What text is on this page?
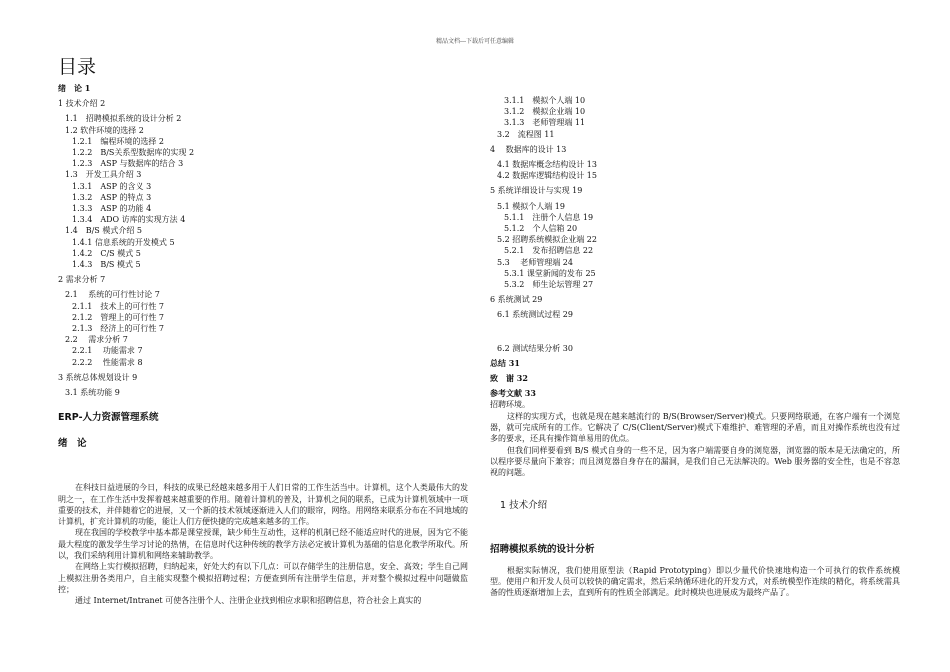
精品文档---下载后可任意编辑
目录
绪　论 1
1 技术介绍 2
1.1　招聘模拟系统的设计分析 2
1.2 软件环境的选择 2
1.2.1　编程环境的选择 2
1.2.2　B/S关系型数据库的实现 2
1.2.3　ASP 与数据库的结合 3
1.3　开发工具介绍 3
1.3.1　ASP 的含义 3
1.3.2　ASP 的特点 3
1.3.3　ASP 的功能 4
1.3.4　ADO 访库的实现方法 4
1.4　B/S 模式介绍 5
1.4.1 信息系统的开发模式 5
1.4.2　C/S 模式 5
1.4.3　B/S 模式 5
2 需求分析 7
2.1　 系统的可行性讨论 7
2.1.1　技术上的可行性 7
2.1.2　管理上的可行性 7
2.1.3　经济上的可行性 7
2.2　 需求分析 7
2.2.1　 功能需求 7
2.2.2　 性能需求 8
3 系统总体规划设计 9
3.1 系统功能 9
ERP-人力资源管理系统
绪　论

在科技日益进展的今日，科技的成果已经越来越多用于人们日常的工作生活当中。计算机，这个人类最伟大的发明之一，在工作生活中发挥着越来越重要的作用。随着计算机的普及，计算机之间的联系，已成为计算机领域中一项重要的技术，并伴随着它的进展，又一个新的技术领域逐渐进入人们的眼帘，网络。用网络来联系分布在不同地域的计算机，扩充计算机的功能，能让人们方便快捷的完成越来越多的工作。

现在我国的学校教学中基本都是课堂授课，缺少师生互动性，这样的机制已经不能适应时代的进展，因为它不能最大程度的激发学生学习讨论的热情，在信息时代这种传统的教学方法必定被计算机为基础的信息化教学所取代。所以，我们采纳利用计算机和网络来辅助教学。

在网络上实行模拟招聘，归纳起来，好处大约有以下几点：可以存储学生的注册信息，安全、高效；学生自己网上模拟注册各类用户，自主能实现整个模拟招聘过程；方便查到所有注册学生信息，并对整个模拟过程中问题做监控；

通过 Internet/Intranet 可使各注册个人、注册企业找到相应求职和招聘信息，符合社会上真实的

3.1.1　模拟个人端 10
3.1.2　模拟企业端 10
3.1.3　老师管理端 11
3.2　流程图 11
4　 数据库的设计 13
4.1 数据库概念结构设计 13
4.2 数据库逻辑结构设计 15
5 系统详细设计与实现 19
5.1 模拟个人端 19
5.1.1　注册个人信息 19
5.1.2　个人信箱 20
5.2 招聘系统模拟企业端 22
5.2.1　发布招聘信息 22
5.3　 老师管理端 24
5.3.1 课堂新闻的发布 25
5.3.2　师生论坛管理 27
6 系统测试 29
6.1 系统测试过程 29
6.2 测试结果分析 30
总结 31
致　谢 32
参考文献 33

招聘环境。

这样的实现方式，也就是现在越来越流行的 B/S(Browser/Server)模式。只要网络联通，在客户端有一个浏览器，就可完成所有的工作。它解决了 C/S(Client/Server)模式下难维护、难管理的矛盾，而且对操作系统也没有过多的要求，还具有操作简单易用的优点。

但我们同样要看到 B/S 模式自身的一些不足，因为客户端需要自身的浏览器，浏览器的版本是无法确定的，所以程序要尽量向下兼容；而且浏览器自身存在的漏洞，是我们自己无法解决的。Web 服务器的安全性，也是不容忽视的问题。

1 技术介绍
招聘模拟系统的设计分析

根据实际情况，我们使用原型法（Rapid Prototyping）即以少量代价快速地构造一个可执行的软件系统模型。使用户和开发人员可以较快的确定需求，然后采纳循环进化的开发方式，对系统模型作连续的精化，将系统需具备的性质逐渐增加上去，直到所有的性质全部满足。此时模块也进展成为最终产品了。
